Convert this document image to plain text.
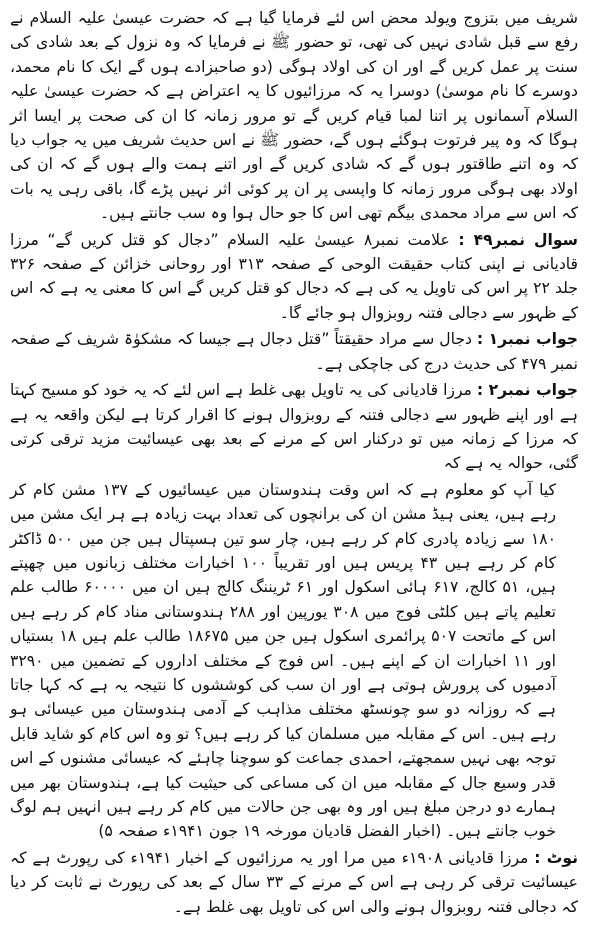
شریف میں بتزوج ویولد محض اس لئے فرمایا گیا ہے کہ حضرت عیسیٰ علیہ السلام نے رفع سے قبل شادی نہیں کی تھی، تو حضور ﷺ نے فرمایا کہ وہ نزول کے بعد شادی کی سنت پر عمل کریں گے اور ان کی اولاد ہوگی (دو صاحبزادے ہوں گے ایک کا نام محمد، دوسرے کا نام موسیٰ) دوسرا یہ کہ مرزائیوں کا یہ اعتراض ہے کہ حضرت عیسیٰ علیہ السلام آسمانوں پر اتنا لمبا قیام کریں گے تو مرور زمانہ کا ان کی صحت پر ایسا اثر ہوگا کہ وہ پیر فرتوت ہوگئے ہوں گے، حضور ﷺ نے اس حدیث شریف میں یہ جواب دیا کہ وہ اتنے طاقتور ہوں گے کہ شادی کریں گے اور اتنے ہمت والے ہوں گے کہ ان کی اولاد بھی ہوگی مرور زمانہ کا واپسی پر ان پر کوئی اثر نہیں پڑے گا، باقی رہی یہ بات کہ اس سے مراد محمدی بیگم تھی اس کا جو حال ہوا وہ سب جانتے ہیں۔

سوال نمبر۴۹ : علامت نمبر۸ عیسیٰ علیہ السلام ”دجال کو قتل کریں گے“ مرزا قادیانی نے اپنی کتاب حقیقت الوحی کے صفحہ ۳۱۳ اور روحانی خزائن کے صفحہ ۳۲۶ جلد ۲۲ پر اس کی تاویل یہ کی ہے کہ دجال کو قتل کریں گے اس کا معنی یہ ہے کہ اس کے ظہور سے دجالی فتنہ روبزوال ہو جائے گا۔

جواب نمبر۱ : دجال سے مراد حقیقتاً ”قتل دجال ہے جیسا کہ مشکوٰۃ شریف کے صفحہ نمبر ۴۷۹ کی حدیث درج کی جاچکی ہے۔

جواب نمبر۲ : مرزا قادیانی کی یہ تاویل بھی غلط ہے اس لئے کہ یہ خود کو مسیح کہتا ہے اور اپنے ظہور سے دجالی فتنہ کے روبزوال ہونے کا اقرار کرتا ہے لیکن واقعہ یہ ہے کہ مرزا کے زمانہ میں تو درکنار اس کے مرنے کے بعد بھی عیسائیت مزید ترقی کرتی گئی، حوالہ یہ ہے کہ

کیا آپ کو معلوم ہے کہ اس وقت ہندوستان میں عیسائیوں کے ۱۳۷ مشن کام کر رہے ہیں، یعنی ہیڈ مشن ان کی برانچوں کی تعداد بہت زیادہ ہے ہر ایک مشن میں ۱۸۰ سے زیادہ پادری کام کر رہے ہیں، چار سو تین ہسپتال ہیں جن میں ۵۰۰ ڈاکٹر کام کر رہے ہیں ۴۳ پریس ہیں اور تقریباً ۱۰۰ اخبارات مختلف زبانوں میں چھپتے ہیں، ۵۱ کالج، ۶۱۷ ہائی اسکول اور ۶۱ ٹریننگ کالج ہیں ان میں ۶۰۰۰۰ طالب علم تعلیم پاتے ہیں کلٹی فوج میں ۳۰۸ یورپین اور ۲۸۸ ہندوستانی مناد کام کر رہے ہیں اس کے ماتحت ۵۰۷ پرائمری اسکول ہیں جن میں ۱۸۶۷۵ طالب علم ہیں ۱۸ بستیاں اور ۱۱ اخبارات ان کے اپنے ہیں۔ اس فوج کے مختلف اداروں کے تضمین میں ۳۲۹۰ آدمیوں کی پرورش ہوتی ہے اور ان سب کی کوششوں کا نتیجہ یہ ہے کہ کہا جاتا ہے کہ روزانہ دو سو چونسٹھ مختلف مذاہب کے آدمی ہندوستان میں عیسائی ہو رہے ہیں۔ اس کے مقابلہ میں مسلمان کیا کر رہے ہیں؟ تو وہ اس کام کو شاید قابل توجہ بھی نہیں سمجھتے، احمدی جماعت کو سوچنا چاہئے کہ عیسائی مشنوں کے اس قدر وسیع جال کے مقابلہ میں ان کی مساعی کی حیثیت کیا ہے، ہندوستان بھر میں ہمارے دو درجن مبلغ ہیں اور وہ بھی جن حالات میں کام کر رہے ہیں انہیں ہم لوگ خوب جانتے ہیں۔ (اخبار الفضل قادیان مورخہ ۱۹ جون ۱۹۴۱ء صفحہ ۵)

نوٹ : مرزا قادیانی ۱۹۰۸ء میں مرا اور یہ مرزائیوں کے اخبار ۱۹۴۱ء کی رپورٹ ہے کہ عیسائیت ترقی کر رہی ہے اس کے مرنے کے ۳۳ سال کے بعد کی رپورٹ نے ثابت کر دیا کہ دجالی فتنہ روبزوال ہونے والی اس کی تاویل بھی غلط ہے۔
